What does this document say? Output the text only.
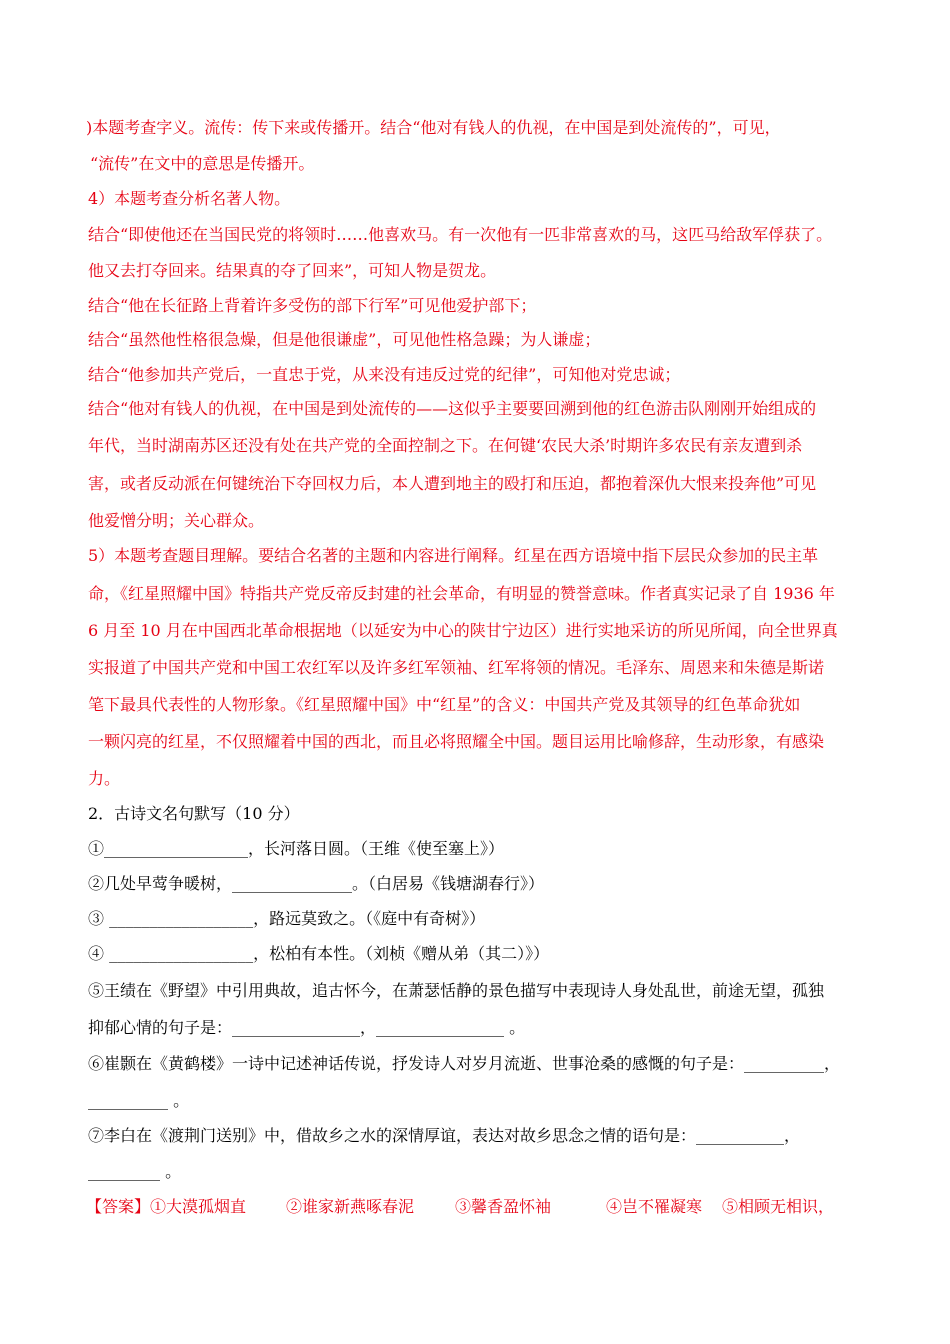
)本题考查字义。流传：传下来或传播开。结合“他对有钱人的仇视，在中国是到处流传的”，可见，
“流传”在文中的意思是传播开。
4）本题考查分析名著人物。
结合“即使他还在当国民党的将领时……他喜欢马。有一次他有一匹非常喜欢的马，这匹马给敌军俘获了。
他又去打夺回来。结果真的夺了回来”，可知人物是贺龙。
结合“他在长征路上背着许多受伤的部下行军”可见他爱护部下；
结合“虽然他性格很急燥，但是他很谦虚”，可见他性格急躁；为人谦虚；
结合“他参加共产党后，一直忠于党，从来没有违反过党的纪律”，可知他对党忠诚；
结合“他对有钱人的仇视，在中国是到处流传的——这似乎主要要回溯到他的红色游击队刚刚开始组成的
年代，当时湖南苏区还没有处在共产党的全面控制之下。在何键‘农民大杀’时期许多农民有亲友遭到杀
害，或者反动派在何键统治下夺回权力后，本人遭到地主的殴打和压迫，都抱着深仇大恨来投奔他”可见
他爱憎分明；关心群众。
5）本题考查题目理解。要结合名著的主题和内容进行阐释。红星在西方语境中指下层民众参加的民主革
命，《红星照耀中国》特指共产党反帝反封建的社会革命，有明显的赞誉意味。作者真实记录了自 1936 年
6 月至 10 月在中国西北革命根据地（以延安为中心的陕甘宁边区）进行实地采访的所见所闻，向全世界真
实报道了中国共产党和中国工农红军以及许多红军领袖、红军将领的情况。毛泽东、周恩来和朱德是斯诺
笔下最具代表性的人物形象。《红星照耀中国》中“红星”的含义：中国共产党及其领导的红色革命犹如
一颗闪亮的红星，不仅照耀着中国的西北，而且必将照耀全中国。题目运用比喻修辞，生动形象，有感染
力。
2．古诗文名句默写（10 分）
①__________________，长河落日圆。（王维《使至塞上》）
②几处早莺争暖树，_______________。（白居易《钱塘湖春行》）
③ __________________，路远莫致之。（《庭中有奇树》）
④ __________________，松柏有本性。（刘桢《赠从弟（其二）》）
⑤王绩在《野望》中引用典故，追古怀今，在萧瑟恬静的景色描写中表现诗人身处乱世，前途无望，孤独
抑郁心情的句子是：________________，________________ 。
⑥崔颢在《黄鹤楼》一诗中记述神话传说，抒发诗人对岁月流逝、世事沧桑的感慨的句子是：__________，
__________ 。
⑦李白在《渡荆门送别》中，借故乡之水的深情厚谊，表达对故乡思念之情的语句是：___________，
_________ 。
【答案】 ①大漠孤烟直 ②谁家新燕啄春泥	③馨香盈怀袖	④岂不罹凝寒 ⑤相顾无相识，
